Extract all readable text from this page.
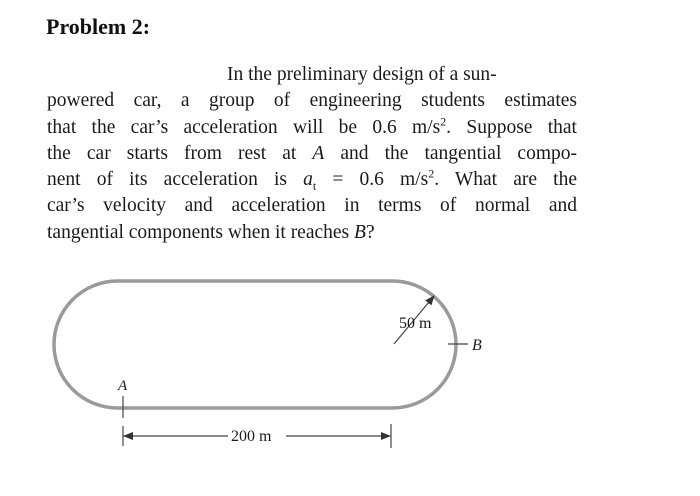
Problem 2:
In the preliminary design of a sun-
powered car, a group of engineering students estimates
that the car’s acceleration will be 0.6 $m/s^2$. Suppose that
the car starts from rest at A and the tangential compo-
nent of its acceleration is $a_t = 0.6$ $m/s^2$. What are the
car’s velocity and acceleration in terms of normal and
tangential components when it reaches B?
50 m
B
A
200 m
